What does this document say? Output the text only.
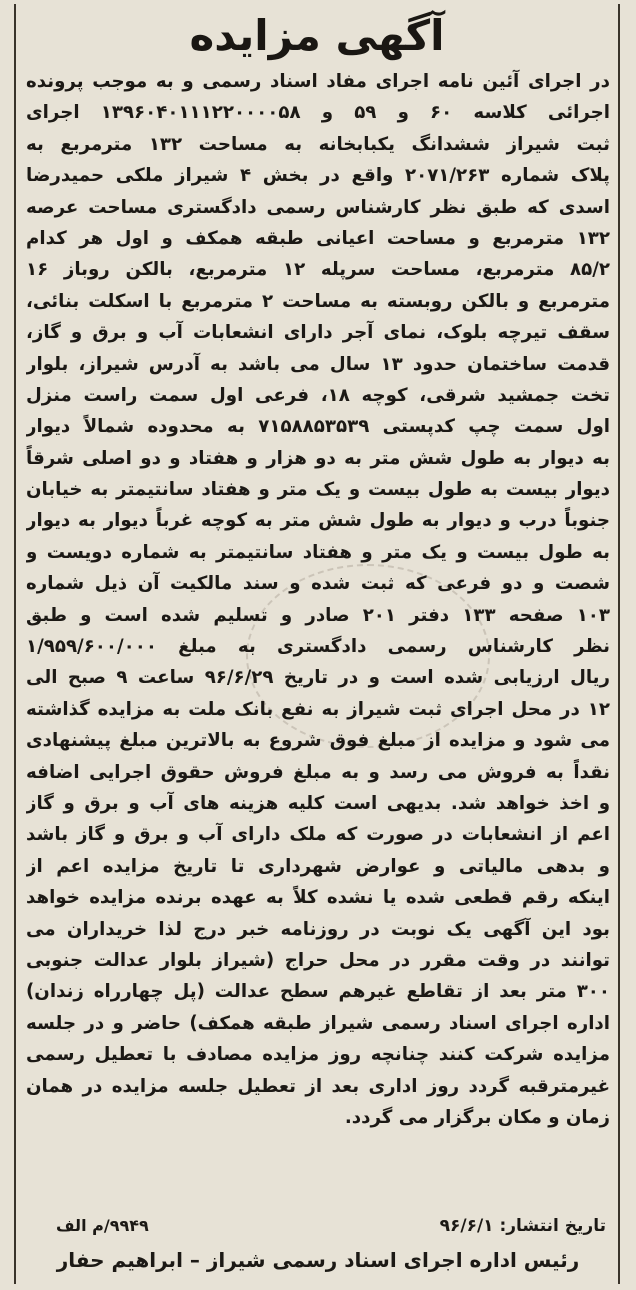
آگهی مزایده
در اجرای آئین نامه اجرای مفاد اسناد رسمی و به موجب پرونده
اجرائی کلاسه ۶۰ و ۵۹ و ۱۳۹۶۰۴۰۱۱۱۲۲۰۰۰۰۵۸ اجرای
ثبت شیراز ششدانگ یکبابخانه به مساحت ۱۳۲ مترمربع به
پلاک شماره ۲۰۷۱/۲۶۳ واقع در بخش ۴ شیراز ملکی حمیدرضا
اسدی که طبق نظر کارشناس رسمی دادگستری مساحت عرصه
۱۳۲ مترمربع و مساحت اعیانی طبقه همکف و اول هر کدام
۸۵/۲ مترمربع، مساحت سرپله ۱۲ مترمربع، بالکن روباز ۱۶
مترمربع و بالکن روبسته به مساحت ۲ مترمربع با اسکلت بنائی،
سقف تیرچه بلوک، نمای آجر دارای انشعابات آب و برق و گاز،
قدمت ساختمان حدود ۱۳ سال می باشد به آدرس شیراز، بلوار
تخت جمشید شرقی، کوچه ۱۸، فرعی اول سمت راست منزل
اول سمت چپ کدپستی ۷۱۵۸۸۵۳۵۳۹ به محدوده شمالاً دیوار
به دیوار به طول شش متر به دو هزار و هفتاد و دو اصلی شرقاً
دیوار بیست به طول بیست و یک متر و هفتاد سانتیمتر به خیابان
جنوباً درب و دیوار به طول شش متر به کوچه غرباً دیوار به دیوار
به طول بیست و یک متر و هفتاد سانتیمتر به شماره دویست و
شصت و دو فرعی که ثبت شده و سند مالکیت آن ذیل شماره
۱۰۳ صفحه ۱۳۳ دفتر ۲۰۱ صادر و تسلیم شده است و طبق
نظر کارشناس رسمی دادگستری به مبلغ ۱/۹۵۹/۶۰۰/۰۰۰
ریال ارزیابی شده است و در تاریخ ۹۶/۶/۲۹ ساعت ۹ صبح الی
۱۲ در محل اجرای ثبت شیراز به نفع بانک ملت به مزایده گذاشته
می شود و مزایده از مبلغ فوق شروع به بالاترین مبلغ پیشنهادی
نقداً به فروش می رسد و به مبلغ فروش حقوق اجرایی اضافه
و اخذ خواهد شد. بدیهی است کلیه هزینه های آب و برق و گاز
اعم از انشعابات در صورت که ملک دارای آب و برق و گاز باشد
و بدهی مالیاتی و عوارض شهرداری تا تاریخ مزایده اعم از
اینکه رقم قطعی شده یا نشده کلاً به عهده برنده مزایده خواهد
بود این آگهی یک نوبت در روزنامه خبر درج لذا خریداران می
توانند در وقت مقرر در محل حراج (شیراز بلوار عدالت جنوبی
۳۰۰ متر بعد از تقاطع غیرهم سطح عدالت (پل چهارراه زندان)
اداره اجرای اسناد رسمی شیراز طبقه همکف) حاضر و در جلسه
مزایده شرکت کنند چنانچه روز مزایده مصادف با تعطیل رسمی
غیرمترقبه گردد روز اداری بعد از تعطیل جلسه مزایده در همان
زمان و مکان برگزار می گردد.
تاریخ انتشار: ۹۶/۶/۱
۹۹۴۹/م الف
رئیس اداره اجرای اسناد رسمی شیراز – ابراهیم حفار
